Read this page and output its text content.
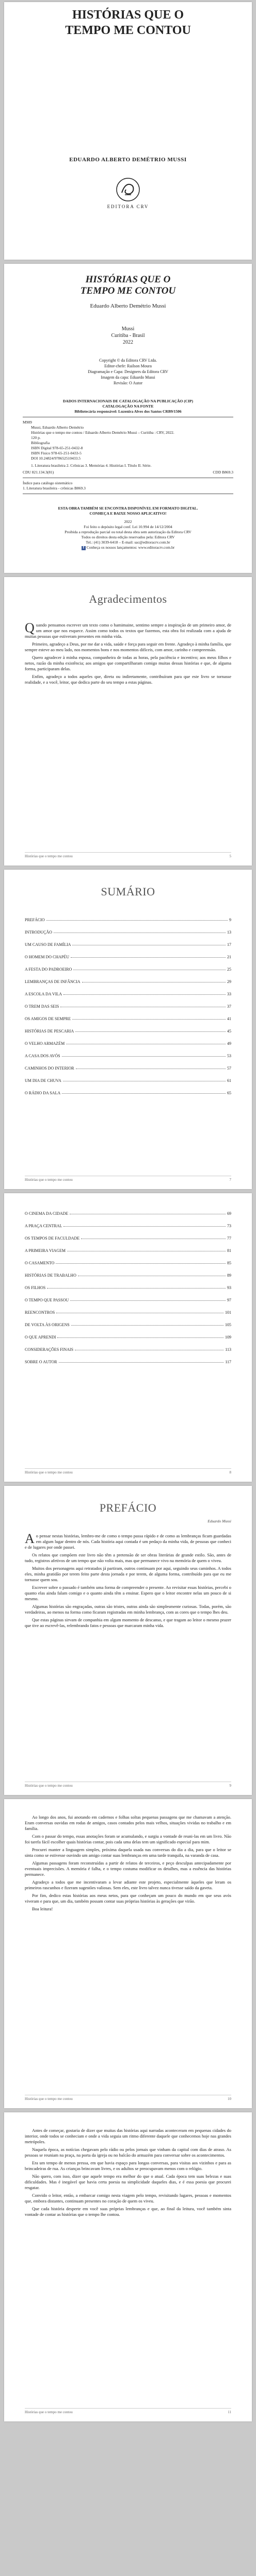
HISTÓRIAS QUE O
TEMPO ME CONTOU
EDUARDO ALBERTO DEMÉTRIO MUSSI
EDITORA CRV
HISTÓRIAS QUE O
TEMPO ME CONTOU
Eduardo Alberto Demétrio Mussi
Mussi
Curitiba - Brasil
2022
Copyright © da Editora CRV Ltda.
Editor-chefe: Railson Moura
Diagramação e Capa: Designers da Editora CRV
Imagem da capa: Eduardo Mussi
Revisão: O Autor
DADOS INTERNACIONAIS DE CATALOGAÇÃO NA PUBLICAÇÃO (CIP)
CATALOGAÇÃO NA FONTE
Bibliotecária responsável: Luzenira Alves dos Santos CRB9/1506
M989
Mussi, Eduardo Alberto Demétrio
Histórias que o tempo me contou / Eduardo Alberto Demétrio Mussi – Curitiba : CRV, 2022.
120 p.
Bibliografia
ISBN Digital 978-65-251-0432-8
ISBN Físico 978-65-251-0433-5
DOI 10.24824/978652510433.5
1. Literatura brasileira 2. Crônicas 3. Memórias 4. Histórias I. Título II. Série.
CDU 821.134.3(81)	CDD B869.3
Índice para catálogo sistemático
1. Literatura brasileira - crônicas B869.3
ESTA OBRA TAMBÉM SE ENCONTRA DISPONÍVEL EM FORMATO DIGITAL.
CONHEÇA E BAIXE NOSSO APLICATIVO!
2022
Foi feito o depósito legal conf. Lei 10.994 de 14/12/2004
Proibida a reprodução parcial ou total desta obra sem autorização da Editora CRV
Todos os direitos desta edição reservados pela: Editora CRV
Tel.: (41) 3039-6418 – E-mail: sac@editoracrv.com.br
f Conheça os nossos lançamentos: www.editoracrv.com.br
Agradecimentos

Quando pensamos escrever um texto como o hamimaine, sentimo sempre a inspiração de um primeiro amor, de um amor que nos esquece. Assim como todos os textos que fazemos, esta obra foi realizada com a ajuda de muitas pessoas que estiveram presentes em minha vida.

Primeiro, agradeço a Deus, por me dar a vida, saúde e força para seguir em frente. Agradeço à minha família, que sempre esteve ao meu lado, nos momentos bons e nos momentos difíceis, com amor, carinho e compreensão.

Quero agradecer à minha esposa, companheira de todas as horas, pela paciência e incentivo; aos meus filhos e netos, razão da minha existência; aos amigos que compartilharam comigo muitas dessas histórias e que, de alguma forma, participaram delas.

Enfim, agradeço a todos aqueles que, direta ou indiretamente, contribuíram para que este livro se tornasse realidade, e a você, leitor, que dedica parte do seu tempo a estas páginas.

Histórias que o tempo me contou	5
SUMÁRIO
PREFÁCIO	9
INTRODUÇÃO	13
UM CAUSO DE FAMÍLIA	17
O HOMEM DO CHAPÉU	21
A FESTA DO PADROEIRO	25
LEMBRANÇAS DE INFÂNCIA	29
A ESCOLA DA VILA	33
O TREM DAS SEIS	37
OS AMIGOS DE SEMPRE	41
HISTÓRIAS DE PESCARIA	45
O VELHO ARMAZÉM	49
A CASA DOS AVÓS	53
CAMINHOS DO INTERIOR	57
UM DIA DE CHUVA	61
O RÁDIO DA SALA	65
Histórias que o tempo me contou	7
O CINEMA DA CIDADE	69
A PRAÇA CENTRAL	73
OS TEMPOS DE FACULDADE	77
A PRIMEIRA VIAGEM	81
O CASAMENTO	85
HISTÓRIAS DE TRABALHO	89
OS FILHOS	93
O TEMPO QUE PASSOU	97
REENCONTROS	101
DE VOLTA ÀS ORIGENS	105
O QUE APRENDI	109
CONSIDERAÇÕES FINAIS	113
SOBRE O AUTOR	117
Histórias que o tempo me contou	8
PREFÁCIO
Eduardo Mussi

Ao pensar nestas histórias, lembro-me de como o tempo passa rápido e de como as lembranças ficam guardadas em algum lugar dentro de nós. Cada história aqui contada é um pedaço da minha vida, de pessoas que conheci e de lugares por onde passei.

Os relatos que compõem este livro não têm a pretensão de ser obras literárias de grande estilo. São, antes de tudo, registros afetivos de um tempo que não volta mais, mas que permanece vivo na memória de quem o viveu.

Muitos dos personagens aqui retratados já partiram, outros continuam por aqui, seguindo seus caminhos. A todos eles, minha gratidão por terem feito parte desta jornada e por terem, de alguma forma, contribuído para que eu me tornasse quem sou.

Escrever sobre o passado é também uma forma de compreender o presente. Ao revisitar essas histórias, percebi o quanto elas ainda falam comigo e o quanto ainda têm a ensinar. Espero que o leitor encontre nelas um pouco de si mesmo.

Algumas histórias são engraçadas, outras são tristes, outras ainda são simplesmente curiosas. Todas, porém, são verdadeiras, ao menos na forma como ficaram registradas em minha lembrança, com as cores que o tempo lhes deu.

Que estas páginas sirvam de companhia em algum momento de descanso, e que tragam ao leitor o mesmo prazer que tive ao escrevê-las, relembrando fatos e pessoas que marcaram minha vida.

Histórias que o tempo me contou	9

Ao longo dos anos, fui anotando em cadernos e folhas soltas pequenas passagens que me chamavam a atenção. Eram conversas ouvidas em rodas de amigos, casos contados pelos mais velhos, situações vividas no trabalho e em família.

Com o passar do tempo, essas anotações foram se acumulando, e surgiu a vontade de reuni-las em um livro. Não foi tarefa fácil escolher quais histórias contar, pois cada uma delas tem um significado especial para mim.

Procurei manter a linguagem simples, próxima daquela usada nas conversas do dia a dia, para que o leitor se sinta como se estivesse ouvindo um amigo contar suas lembranças em uma tarde tranquila, na varanda de casa.

Algumas passagens foram reconstruídas a partir de relatos de terceiros, e peço desculpas antecipadamente por eventuais imprecisões. A memória é falha, e o tempo costuma modificar os detalhes, mas a essência das histórias permanece.

Agradeço a todos que me incentivaram a levar adiante este projeto, especialmente àqueles que leram os primeiros rascunhos e fizeram sugestões valiosas. Sem eles, este livro talvez nunca tivesse saído da gaveta.

Por fim, dedico estas histórias aos meus netos, para que conheçam um pouco do mundo em que seus avós viveram e para que, um dia, também possam contar suas próprias histórias às gerações que virão.

Boa leitura!

Histórias que o tempo me contou	10

Antes de começar, gostaria de dizer que muitas das histórias aqui narradas aconteceram em pequenas cidades do interior, onde todos se conheciam e onde a vida seguia um ritmo diferente daquele que conhecemos hoje nas grandes metrópoles.

Naquela época, as notícias chegavam pelo rádio ou pelos jornais que vinham da capital com dias de atraso. As pessoas se reuniam na praça, na porta da igreja ou no balcão do armazém para conversar sobre os acontecimentos.

Era um tempo de menos pressa, em que havia espaço para longas conversas, para visitas aos vizinhos e para as brincadeiras de rua. As crianças brincavam livres, e os adultos se preocupavam menos com o relógio.

Não quero, com isso, dizer que aquele tempo era melhor do que o atual. Cada época tem suas belezas e suas dificuldades. Mas é inegável que havia certa poesia na simplicidade daqueles dias, e é essa poesia que procurei resgatar.

Convido o leitor, então, a embarcar comigo nesta viagem pelo tempo, revisitando lugares, pessoas e momentos que, embora distantes, continuam presentes no coração de quem os viveu.

Que cada história desperte em você suas próprias lembranças e que, ao final da leitura, você também sinta vontade de contar as histórias que o tempo lhe contou.

Histórias que o tempo me contou	11
